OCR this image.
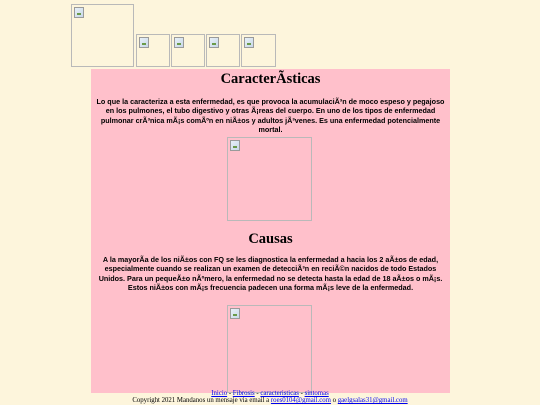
CaracterÃsticas

Lo que la caracteriza a esta enfermedad, es que provoca la acumulaciÃ³n de moco espeso y pegajoso en los pulmones, el tubo digestivo y otras Ã¡reas del cuerpo. En uno de los tipos de enfermedad pulmonar crÃ³nica mÃ¡s comÃºn en niÃ±os y adultos jÃ³venes. Es una enfermedad potencialmente mortal.

Causas

A la mayorÃa de los niÃ±os con FQ se les diagnostica la enfermedad a hacia los 2 aÃ±os de edad, especialmente cuando se realizan un examen de detecciÃ³n en reciÃ©n nacidos de todo Estados Unidos. Para un pequeÃ±o nÃºmero, la enfermedad no se detecta hasta la edad de 18 aÃ±os o mÃ¡s. Estos niÃ±os con mÃ¡s frecuencia padecen una forma mÃ¡s leve de la enfermedad.

Inicio - Fibrosis - caracteristicas - sintomas
Copyright 2021 Mandanos un mensaje via email a roes0104@gmail.com o gaelgsalas31@gmail.com
